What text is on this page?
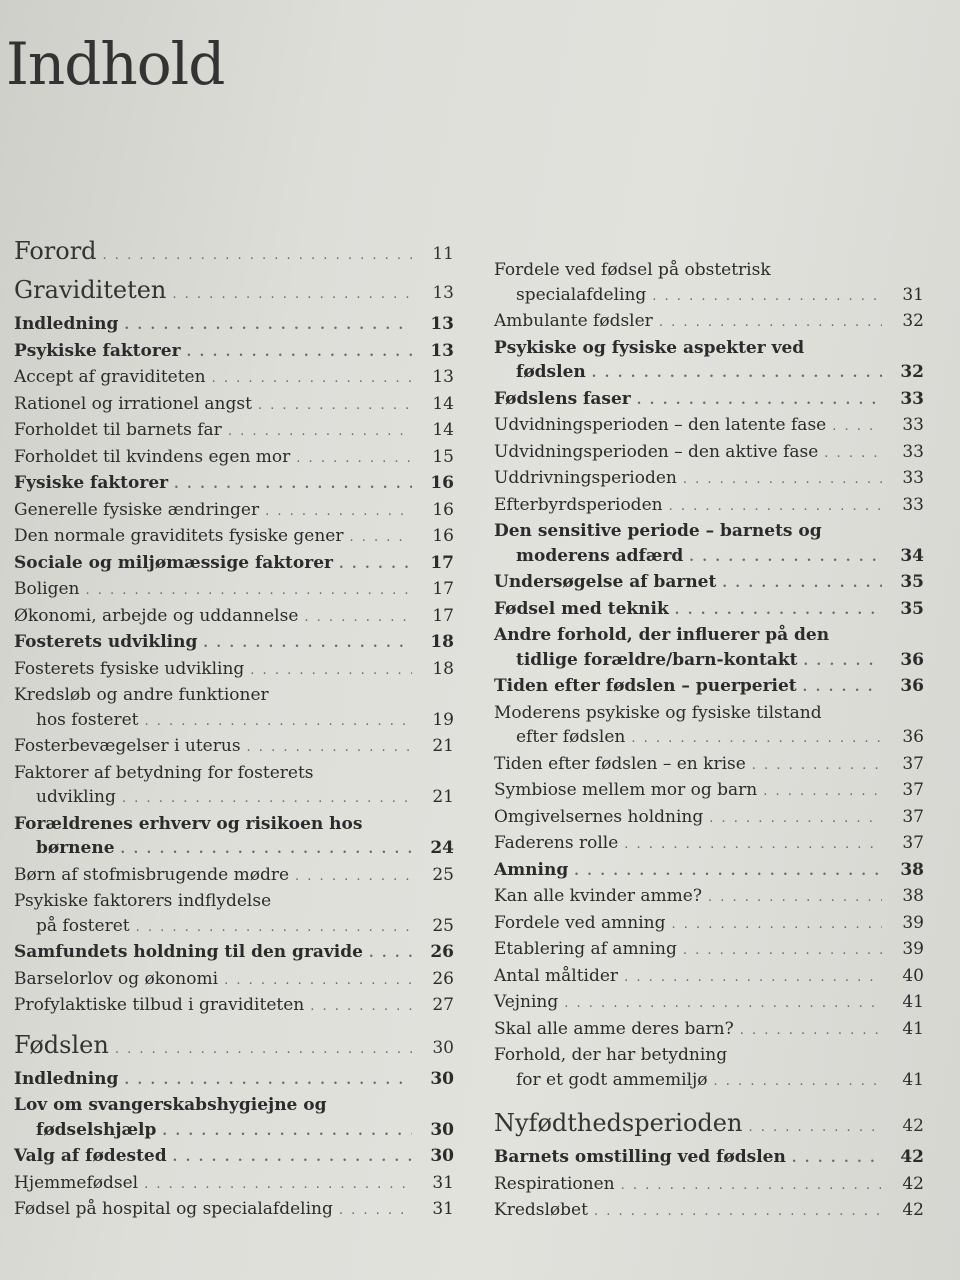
Indhold
Forord . . .	11
Graviditeten . . .	13
Indledning . . .	13
Psykiske faktorer . . .	13
Accept af graviditeten . . .	13
Rationel og irrationel angst . . .	14
Forholdet til barnets far . . .	14
Forholdet til kvindens egen mor . . .	15
Fysiske faktorer . . .	16
Generelle fysiske ændringer . . .	16
Den normale graviditets fysiske gener . . .	16
Sociale og miljømæssige faktorer . . .	17
Boligen . . .	17
Økonomi, arbejde og uddannelse . . .	17
Fosterets udvikling . . .	18
Fosterets fysiske udvikling . . .	18
Kredsløb og andre funktioner
hos fosteret . . .	19
Fosterbevægelser i uterus . . .	21
Faktorer af betydning for fosterets
udvikling . . .	21
Forældrenes erhverv og risikoen hos
børnene . . .	24
Børn af stofmisbrugende mødre . . .	25
Psykiske faktorers indflydelse
på fosteret . . .	25
Samfundets holdning til den gravide . . .	26
Barselorlov og økonomi . . .	26
Profylaktiske tilbud i graviditeten . . .	27
Fødslen . . .	30
Indledning . . .	30
Lov om svangerskabshygiejne og
fødselshjælp . . .	30
Valg af fødested . . .	30
Hjemmefødsel . . .	31
Fødsel på hospital og specialafdeling . . .	31
Fordele ved fødsel på obstetrisk
specialafdeling . . .	31
Ambulante fødsler . . .	32
Psykiske og fysiske aspekter ved
fødslen . . .	32
Fødslens faser . . .	33
Udvidningsperioden – den latente fase . . .	33
Udvidningsperioden – den aktive fase . . .	33
Uddrivningsperioden . . .	33
Efterbyrdsperioden . . .	33
Den sensitive periode – barnets og
moderens adfærd . . .	34
Undersøgelse af barnet . . .	35
Fødsel med teknik . . .	35
Andre forhold, der influerer på den
tidlige forældre/barn-kontakt . . .	36
Tiden efter fødslen – puerperiet . . .	36
Moderens psykiske og fysiske tilstand
efter fødslen . . .	36
Tiden efter fødslen – en krise . . .	37
Symbiose mellem mor og barn . . .	37
Omgivelsernes holdning . . .	37
Faderens rolle . . .	37
Amning . . .	38
Kan alle kvinder amme? . . .	38
Fordele ved amning . . .	39
Etablering af amning . . .	39
Antal måltider . . .	40
Vejning . . .	41
Skal alle amme deres barn? . . .	41
Forhold, der har betydning
for et godt ammemiljø . . .	41
Nyfødthedsperioden . . .	42
Barnets omstilling ved fødslen . . .	42
Respirationen . . .	42
Kredsløbet . . .	42
